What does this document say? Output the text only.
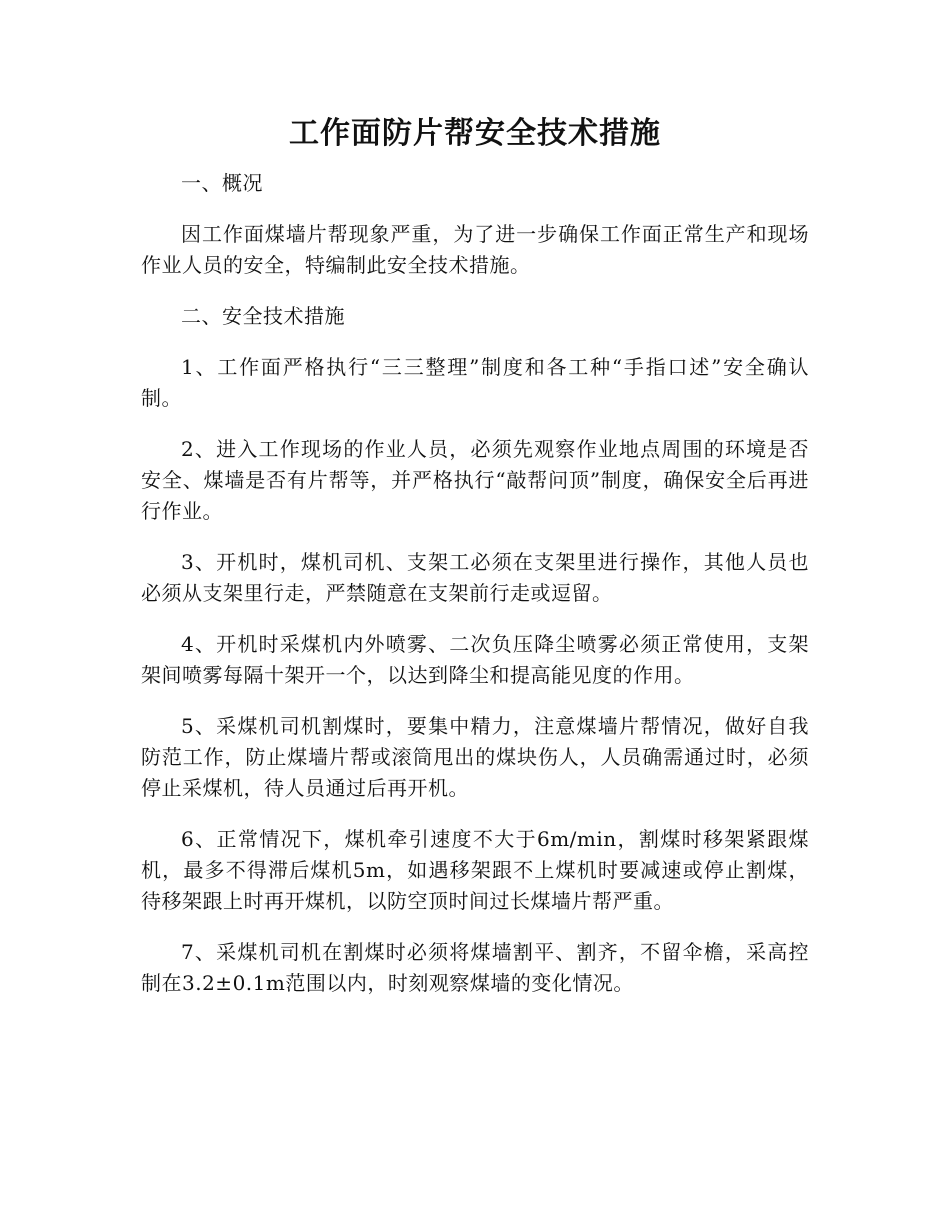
工作面防片帮安全技术措施

一、概况

因工作面煤墙片帮现象严重，为了进一步确保工作面正常生产和现场作业人员的安全，特编制此安全技术措施。

二、安全技术措施

1、工作面严格执行“三三整理”制度和各工种“手指口述”安全确认制。

2、进入工作现场的作业人员，必须先观察作业地点周围的环境是否安全、煤墙是否有片帮等，并严格执行“敲帮问顶”制度，确保安全后再进行作业。

3、开机时，煤机司机、支架工必须在支架里进行操作，其他人员也必须从支架里行走，严禁随意在支架前行走或逗留。

4、开机时采煤机内外喷雾、二次负压降尘喷雾必须正常使用，支架架间喷雾每隔十架开一个，以达到降尘和提高能见度的作用。

5、采煤机司机割煤时，要集中精力，注意煤墙片帮情况，做好自我防范工作，防止煤墙片帮或滚筒甩出的煤块伤人，人员确需通过时，必须停止采煤机，待人员通过后再开机。

6、正常情况下，煤机牵引速度不大于6m/min，割煤时移架紧跟煤机，最多不得滞后煤机5m，如遇移架跟不上煤机时要减速或停止割煤，待移架跟上时再开煤机，以防空顶时间过长煤墙片帮严重。

7、采煤机司机在割煤时必须将煤墙割平、割齐，不留伞檐，采高控制在3.2±0.1m范围以内，时刻观察煤墙的变化情况。
